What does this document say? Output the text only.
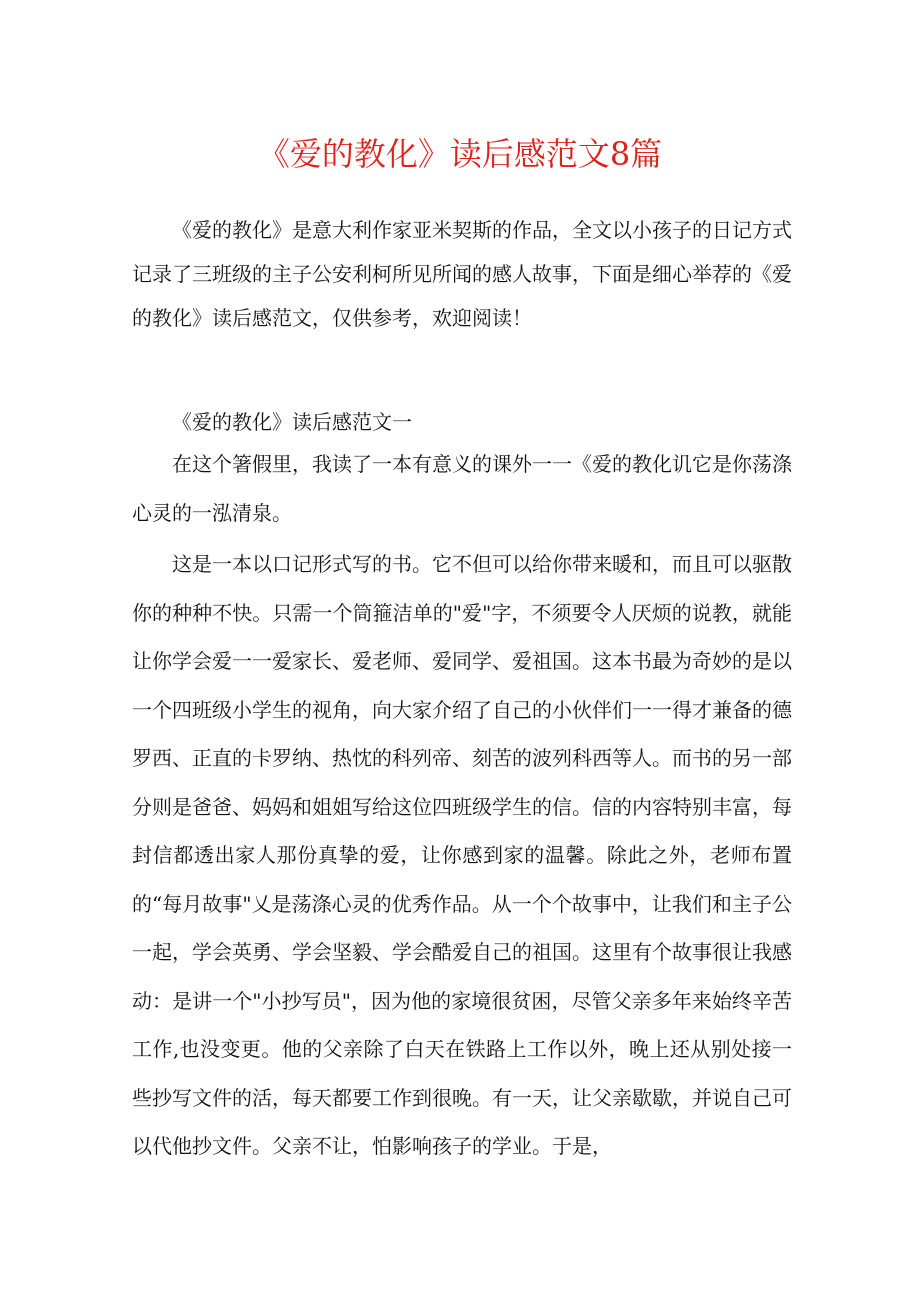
《爱的教化》读后感范文8篇

《爱的教化》是意大利作家亚米契斯的作品，全文以小孩子的日记方式记录了三班级的主子公安利柯所见所闻的感人故事，下面是细心举荐的《爱的教化》读后感范文，仅供参考，欢迎阅读！

《爱的教化》读后感范文一

在这个箸假里，我读了一本有意义的课外一一《爱的教化讥它是你荡涤心灵的一泓清泉。

这是一本以口记形式写的书。它不但可以给你带来暖和，而且可以驱散你的种种不快。只需一个筒箍洁单的"爱"字，不须要令人厌烦的说教，就能让你学会爱一一爱家长、爱老师、爱同学、爱祖国。这本书最为奇妙的是以一个四班级小学生的视角，向大家介绍了自己的小伙伴们一一得才兼备的德罗西、正直的卡罗纳、热忱的科列帝、刻苦的波列科西等人。而书的另一部分则是爸爸、妈妈和姐姐写给这位四班级学生的信。信的内容特别丰富，每封信都透出家人那份真挚的爱，让你感到家的温馨。除此之外，老师布置的“每月故事"乂是荡涤心灵的优秀作品。从一个个故事中，让我们和主子公一起，学会英勇、学会坚毅、学会酷爱自己的祖国。这里有个故事很让我感动：是讲一个"小抄写员"，因为他的家境很贫困，尽管父亲多年来始终辛苦工作,也没变更。他的父亲除了白天在铁路上工作以外，晚上还从别处接一些抄写文件的活，每天都要工作到很晚。有一天，让父亲歇歇，并说自己可以代他抄文件。父亲不让，怕影响孩子的学业。于是，
